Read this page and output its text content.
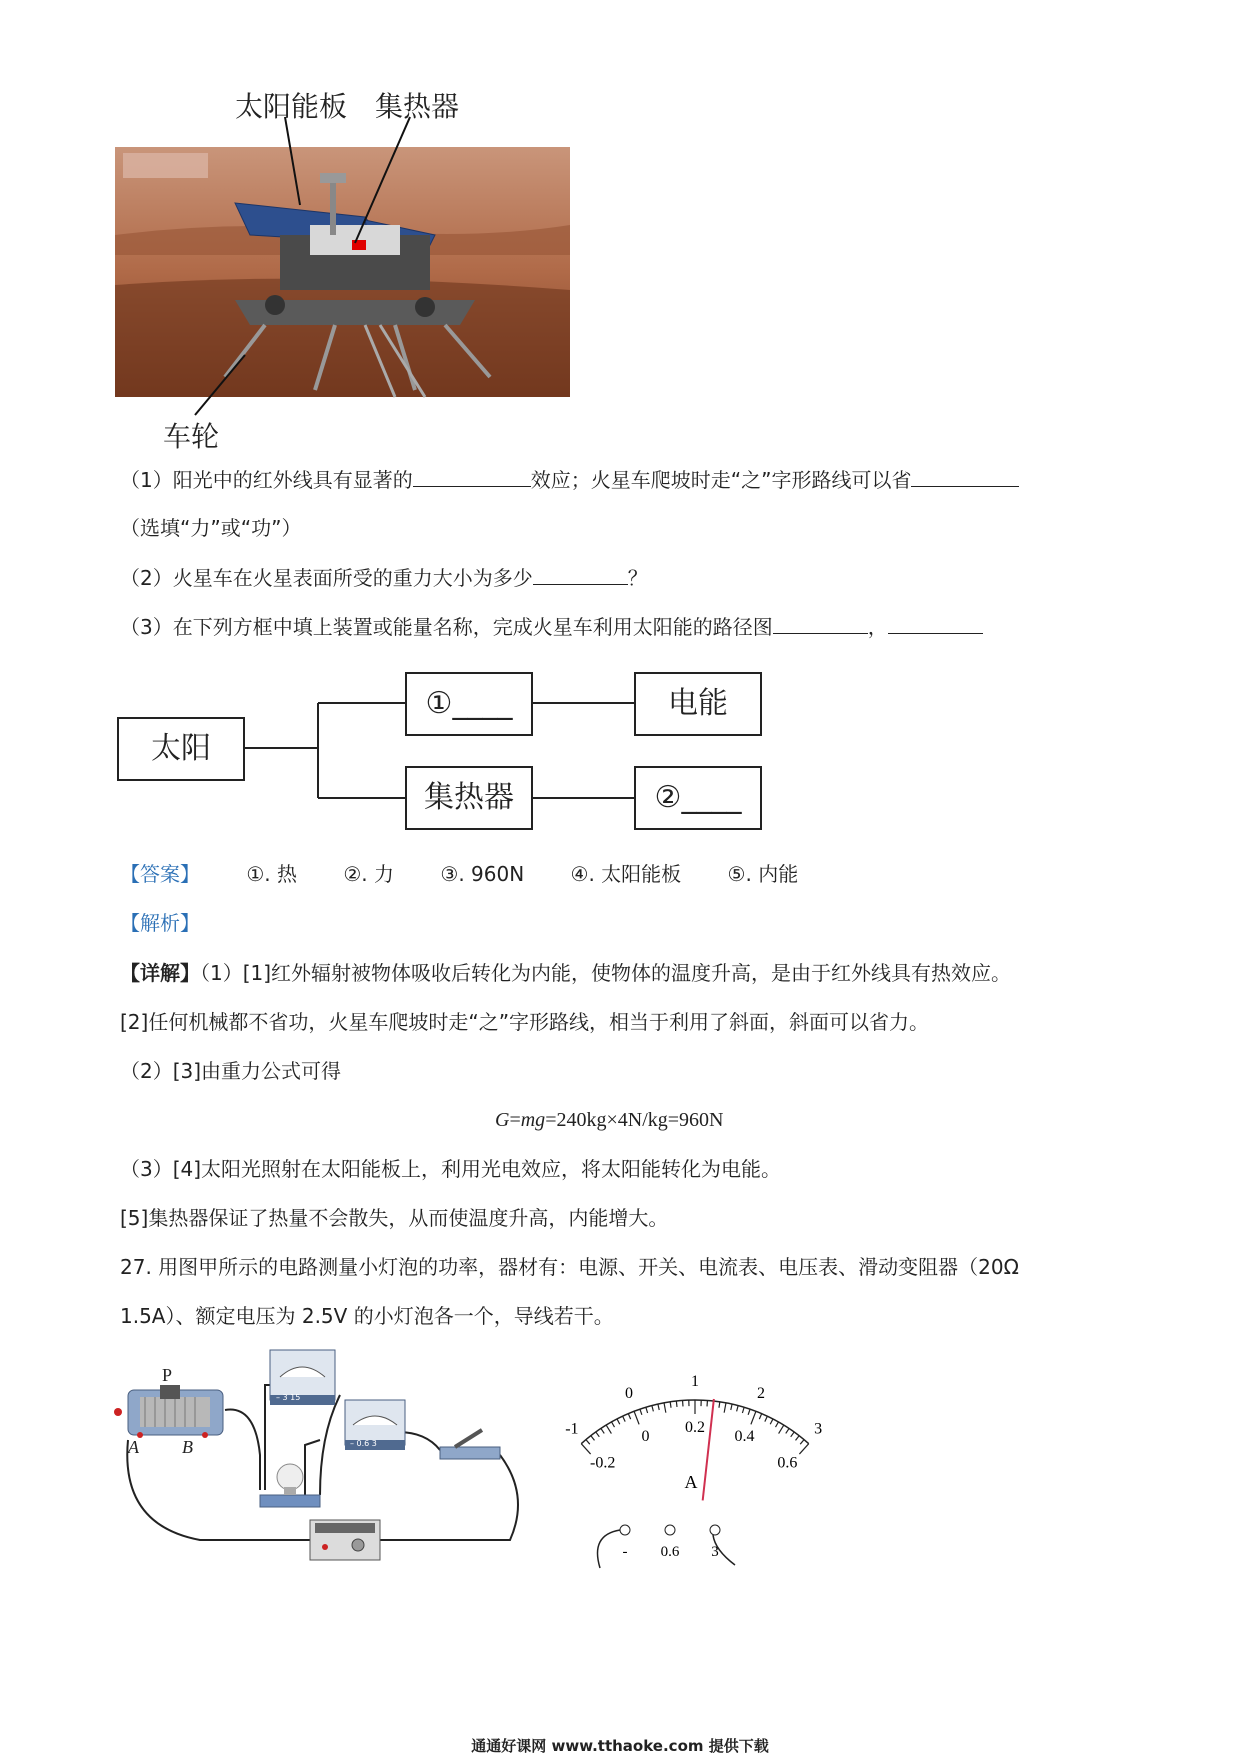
太阳能板 集热器
车轮
（1）阳光中的红外线具有显著的	效应；火星车爬坡时走“之”字形路线可以省
（选填“力”或“功”）
（2）火星车在火星表面所受的重力大小为多少	？
（3）在下列方框中填上装置或能量名称，完成火星车利用太阳能的路径图	，
太阳
①____	电能
集热器	②____
【答案】 ①. 热 ②. 力 ③. 960N ④. 太阳能板 ⑤. 内能
【解析】
【详解】（1）[1]红外辐射被物体吸收后转化为内能，使物体的温度升高，是由于红外线具有热效应。
[2]任何机械都不省功，火星车爬坡时走“之”字形路线，相当于利用了斜面，斜面可以省力。
（2）[3]由重力公式可得
G=mg=240kg×4N/kg=960N
（3）[4]太阳光照射在太阳能板上，利用光电效应，将太阳能转化为电能。
[5]集热器保证了热量不会散失，从而使温度升高，内能增大。
27. 用图甲所示的电路测量小灯泡的功率，器材有：电源、开关、电流表、电压表、滑动变阻器（20Ω
1.5A）、额定电压为 2.5V 的小灯泡各一个，导线若干。
P
A B
– 3 15
– 0.6 3
-1
0
1
2
3
-0.2
0
0.2
0.4
0.6
A
- 0.6 3
通通好课网 www.tthaoke.com 提供下载
